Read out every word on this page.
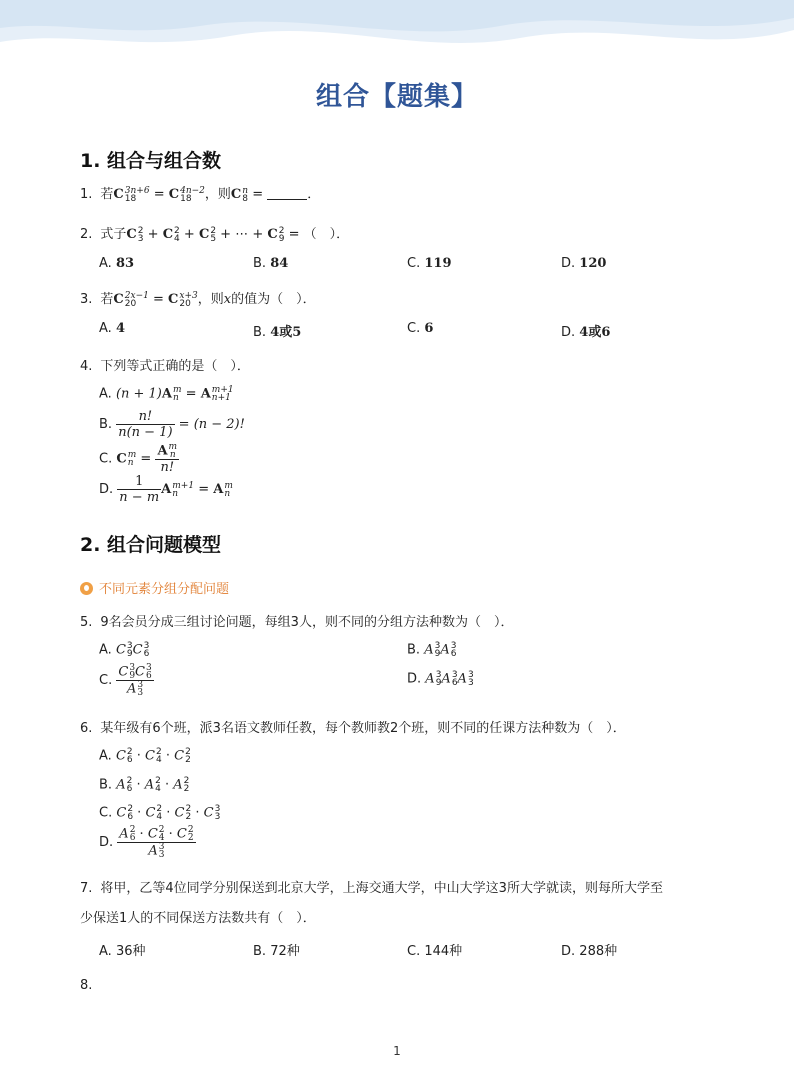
组合【题集】
1. 组合与组合数
1. 若C 3n+6
18	= C 4n−2
18	，则C n
8 =	．
2. 式子C 2
3 + C 2
4 + C 2
5 + ⋯ + C 2
9 = （　）．
A. 83	B. 84	C. 119	D. 120
3. 若C 2x−1
20 = C x+3
20 ，则x的值为（　）．
A. 4	B. 4或5	C. 6	D. 4或6
4. 下列等式正确的是（　）．
A. (n + 1)A m
n = A m+1
n+1
B. $\frac{n!}{n(n - 1)} = (n - 2)$!
C. C m
n = A m
n
n!
D. $\frac{1}{n - m}$ A m+1
n	= A m
n
2. 组合问题模型
不同元素分组分配问题
5. 9名会员分成三组讨论问题，每组3人，则不同的分组方法种数为（　）．
A. C 3
9 C 3
6	B. A 3
9 A 3
6
C. C 3
9 C 3
6
A 3
3	D. A 3
9 A 3
6 A 3
3
6. 某年级有6个班，派3名语文教师任教，每个教师教2个班，则不同的任课方法种数为（　）．
A. C 2
6 · C 2
4 · C 2
2
B. A 2
6 · A 2
4 · A 2
2
C. C 2
6 · C 2
4 · C 2
2 · C 3
3
D. A 2
6 · C 2
4 · C 2
2
A 3
3
7. 将甲，乙等4位同学分别保送到北京大学，上海交通大学，中山大学这3所大学就读，则每所大学至
少保送1人的不同保送方法数共有（　）．
A. 36种	B. 72种	C. 144种	D. 288种
8.
1
